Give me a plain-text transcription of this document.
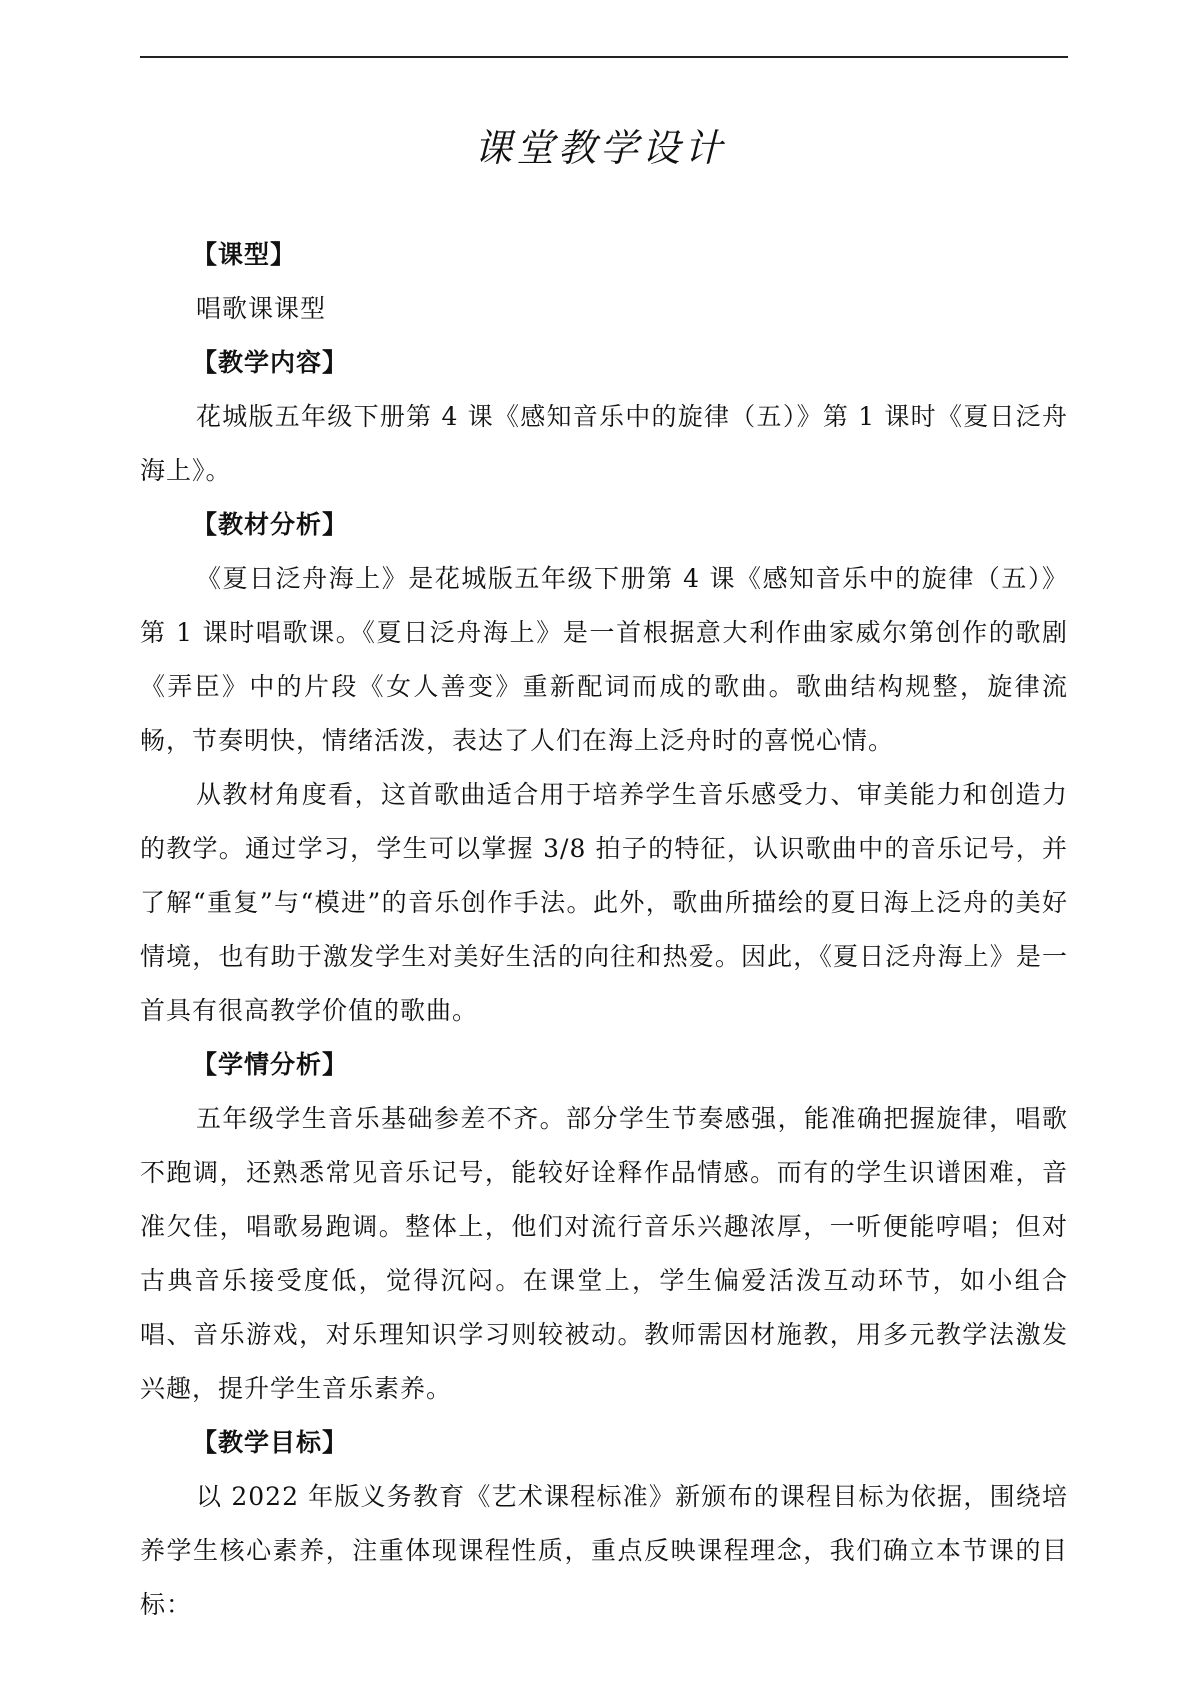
课堂教学设计
【课型】
唱歌课课型
【教学内容】
花城版五年级下册第 4 课《感知音乐中的旋律（五）》第 1 课时《夏日泛舟海上》。
【教材分析】
《夏日泛舟海上》是花城版五年级下册第 4 课《感知音乐中的旋律（五）》第 1 课时唱歌课。《夏日泛舟海上》是一首根据意大利作曲家威尔第创作的歌剧《弄臣》中的片段《女人善变》重新配词而成的歌曲。歌曲结构规整，旋律流畅，节奏明快，情绪活泼，表达了人们在海上泛舟时的喜悦心情。
从教材角度看，这首歌曲适合用于培养学生音乐感受力、审美能力和创造力的教学。通过学习，学生可以掌握 3/8 拍子的特征，认识歌曲中的音乐记号，并了解“重复”与“模进”的音乐创作手法。此外，歌曲所描绘的夏日海上泛舟的美好情境，也有助于激发学生对美好生活的向往和热爱。因此，《夏日泛舟海上》是一首具有很高教学价值的歌曲。
【学情分析】
五年级学生音乐基础参差不齐。部分学生节奏感强，能准确把握旋律，唱歌不跑调，还熟悉常见音乐记号，能较好诠释作品情感。而有的学生识谱困难，音准欠佳，唱歌易跑调。整体上，他们对流行音乐兴趣浓厚，一听便能哼唱；但对古典音乐接受度低，觉得沉闷。在课堂上，学生偏爱活泼互动环节，如小组合唱、音乐游戏，对乐理知识学习则较被动。教师需因材施教，用多元教学法激发兴趣，提升学生音乐素养。
【教学目标】
以 2022 年版义务教育《艺术课程标准》新颁布的课程目标为依据，围绕培养学生核心素养，注重体现课程性质，重点反映课程理念，我们确立本节课的目标：
